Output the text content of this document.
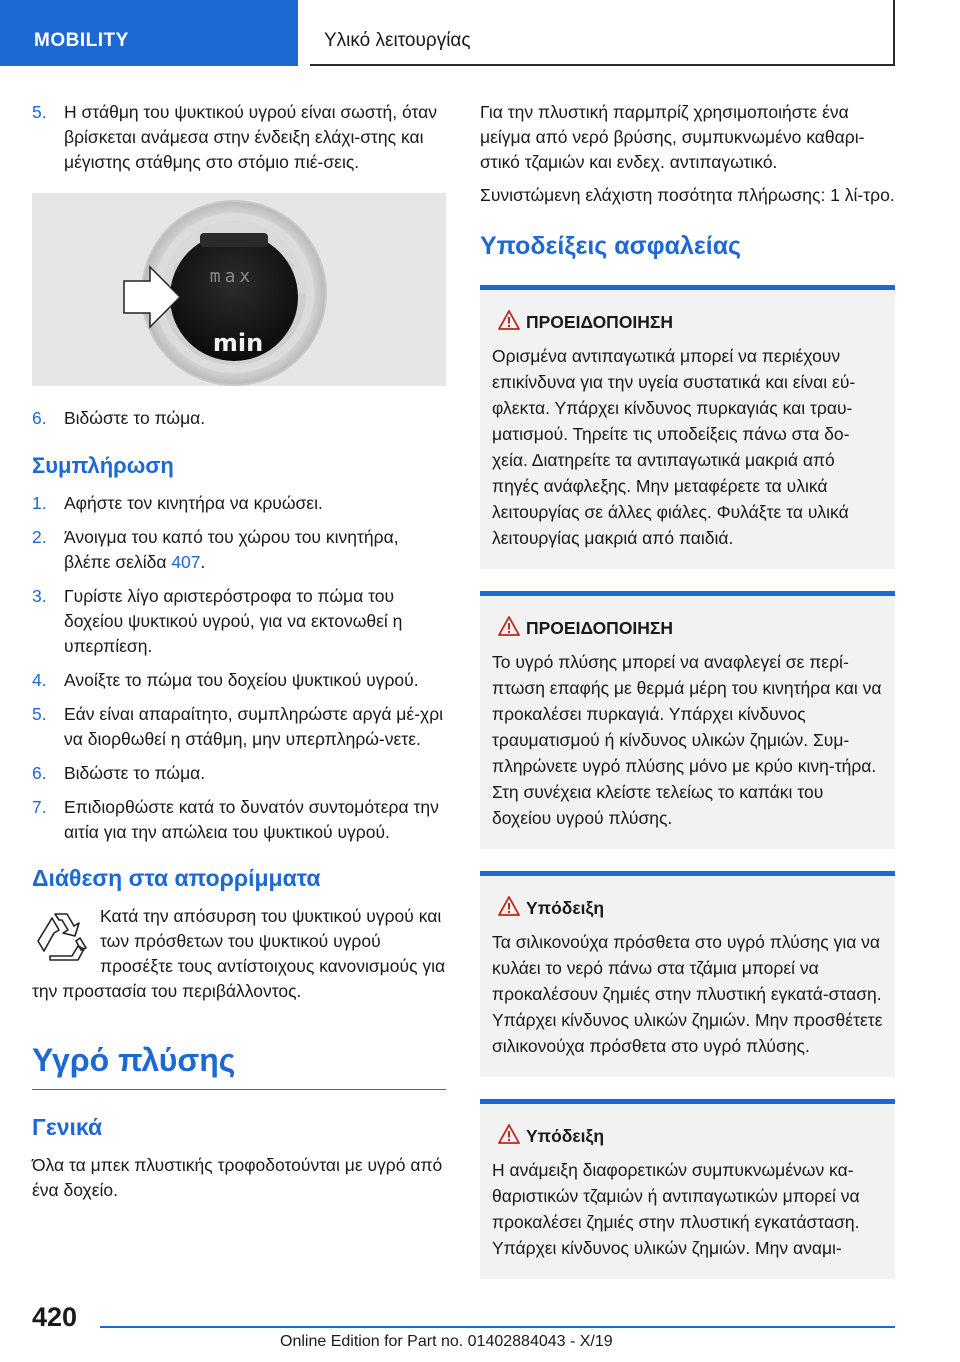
MOBILITY	Υλικό λειτουργίας
5. Η στάθμη του ψυκτικού υγρού είναι σωστή, όταν βρίσκεται ανάμεσα στην ένδειξη ελάχι-στης και μέγιστης στάθμης στο στόμιο πιέ-σεις.
max
min
6. Βιδώστε το πώμα.
Συμπλήρωση
1. Αφήστε τον κινητήρα να κρυώσει.
2. Άνοιγμα του καπό του χώρου του κινητήρα, βλέπε σελίδα 407.
3. Γυρίστε λίγο αριστερόστροφα το πώμα του δοχείου ψυκτικού υγρού, για να εκτονωθεί η υπερπίεση.
4. Ανοίξτε το πώμα του δοχείου ψυκτικού υγρού.
5. Εάν είναι απαραίτητο, συμπληρώστε αργά μέ-χρι να διορθωθεί η στάθμη, μην υπερπληρώ-νετε.
6. Βιδώστε το πώμα.
7. Επιδιορθώστε κατά το δυνατόν συντομότερα την αιτία για την απώλεια του ψυκτικού υγρού.
Διάθεση στα απορρίμματα
Κατά την απόσυρση του ψυκτικού υγρού και των πρόσθετων του ψυκτικού υγρού προσέξτε τους αντίστοιχους κανονισμούς για την προστασία του περιβάλλοντος.
Υγρό πλύσης
Γενικά

Όλα τα μπεκ πλυστικής τροφοδοτούνται με υγρό από ένα δοχείο.

Για την πλυστική παρμπρίζ χρησιμοποιήστε ένα μείγμα από νερό βρύσης, συμπυκνωμένο καθαρι-στικό τζαμιών και ενδεχ. αντιπαγωτικό.

Συνιστώμενη ελάχιστη ποσότητα πλήρωσης: 1 λί-τρο.

Υποδείξεις ασφαλείας
ΠΡΟΕΙΔΟΠΟΙΗΣΗ
Ορισμένα αντιπαγωτικά μπορεί να περιέχουν επικίνδυνα για την υγεία συστατικά και είναι εύ-φλεκτα. Υπάρχει κίνδυνος πυρκαγιάς και τραυ-ματισμού. Τηρείτε τις υποδείξεις πάνω στα δο-χεία. Διατηρείτε τα αντιπαγωτικά μακριά από πηγές ανάφλεξης. Μην μεταφέρετε τα υλικά λειτουργίας σε άλλες φιάλες. Φυλάξτε τα υλικά λειτουργίας μακριά από παιδιά.
ΠΡΟΕΙΔΟΠΟΙΗΣΗ
Το υγρό πλύσης μπορεί να αναφλεγεί σε περί-πτωση επαφής με θερμά μέρη του κινητήρα και να προκαλέσει πυρκαγιά. Υπάρχει κίνδυνος τραυματισμού ή κίνδυνος υλικών ζημιών. Συμ-πληρώνετε υγρό πλύσης μόνο με κρύο κινη-τήρα. Στη συνέχεια κλείστε τελείως το καπάκι του δοχείου υγρού πλύσης.
Υπόδειξη
Τα σιλικονούχα πρόσθετα στο υγρό πλύσης για να κυλάει το νερό πάνω στα τζάμια μπορεί να προκαλέσουν ζημιές στην πλυστική εγκατά-σταση. Υπάρχει κίνδυνος υλικών ζημιών. Μην προσθέτετε σιλικονούχα πρόσθετα στο υγρό πλύσης.
Υπόδειξη
Η ανάμειξη διαφορετικών συμπυκνωμένων κα-θαριστικών τζαμιών ή αντιπαγωτικών μπορεί να προκαλέσει ζημιές στην πλυστική εγκατάσταση. Υπάρχει κίνδυνος υλικών ζημιών. Μην αναμι-
420
Online Edition for Part no. 01402884043 - X/19
